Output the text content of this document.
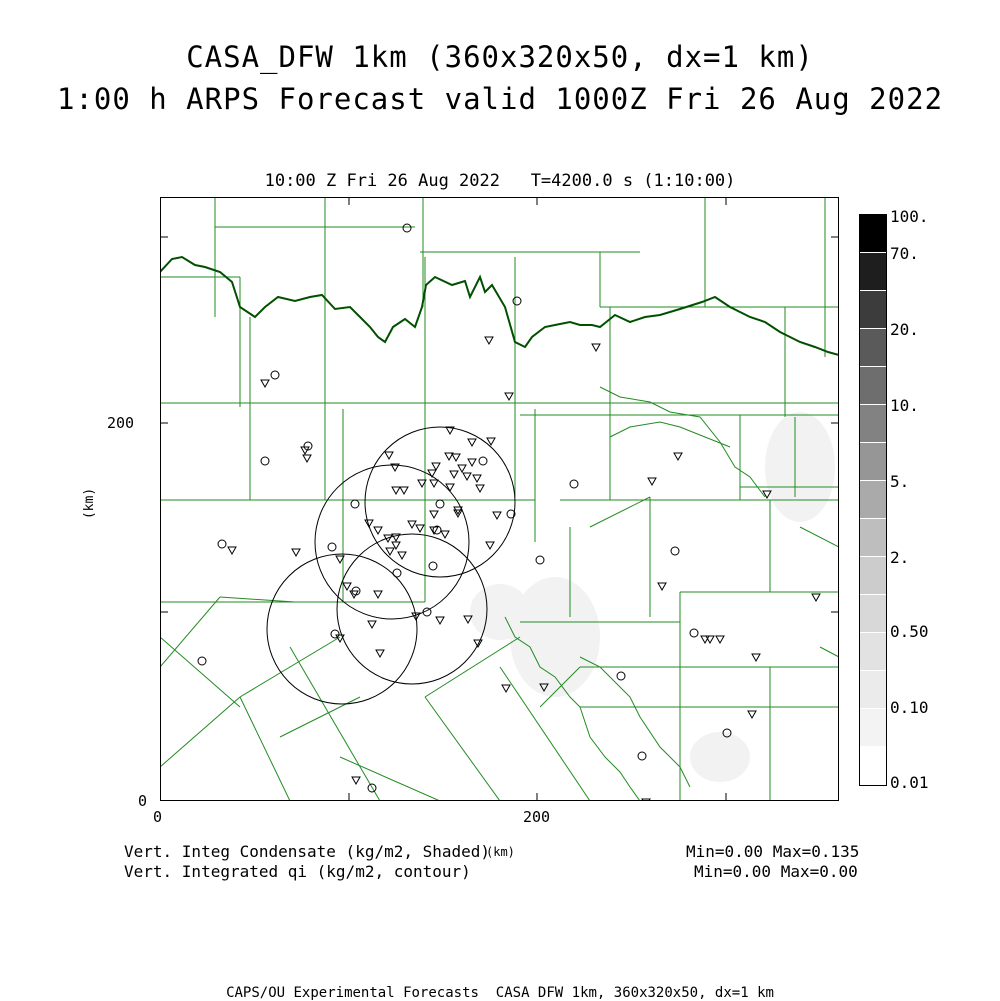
CASA_DFW 1km (360x320x50, dx=1 km)
1:00 h ARPS Forecast valid 1000Z Fri 26 Aug 2022
10:00 Z Fri 26 Aug 2022   T=4200.0 s (1:10:00)
200
0
0	200
(km)
(km)
100.
70.
20.
10.
5.
2.
0.50
0.10
0.01
Vert. Integ Condensate (kg/m2, Shaded)	Min=0.00 Max=0.135
Vert. Integrated qi (kg/m2, contour)	Min=0.00 Max=0.00
CAPS/OU Experimental Forecasts  CASA DFW 1km, 360x320x50, dx=1 km
